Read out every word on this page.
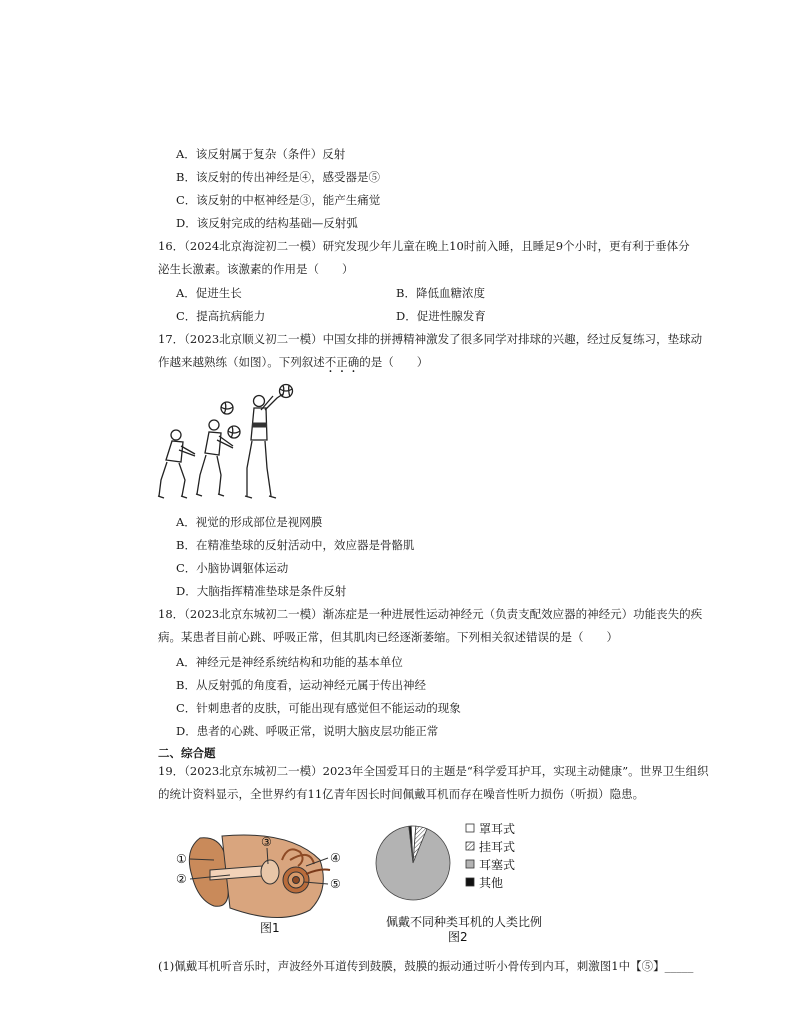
A．该反射属于复杂（条件）反射
B．该反射的传出神经是④，感受器是⑤
C．该反射的中枢神经是③，能产生痛觉
D．该反射完成的结构基础—反射弧
16．（2024北京海淀初二一模）研究发现少年儿童在晚上10时前入睡，且睡足9个小时，更有利于垂体分
泌生长激素。该激素的作用是（　　）
A．促进生长	B．降低血糖浓度
C．提高抗病能力	D．促进性腺发育
17．（2023北京顺义初二一模）中国女排的拼搏精神激发了很多同学对排球的兴趣，经过反复练习，垫球动
作越来越熟练（如图）。下列叙述不正确的是（　　）
A．视觉的形成部位是视网膜
B．在精准垫球的反射活动中，效应器是骨骼肌
C．小脑协调躯体运动
D．大脑指挥精准垫球是条件反射
18．（2023北京东城初二一模）渐冻症是一种进展性运动神经元（负责支配效应器的神经元）功能丧失的疾
病。某患者目前心跳、呼吸正常，但其肌肉已经逐渐萎缩。下列相关叙述错误的是（　　）
A．神经元是神经系统结构和功能的基本单位
B．从反射弧的角度看，运动神经元属于传出神经
C．针刺患者的皮肤，可能出现有感觉但不能运动的现象
D．患者的心跳、呼吸正常，说明大脑皮层功能正常
二、综合题
19．（2023北京东城初二一模）2023年全国爱耳日的主题是“科学爱耳护耳，实现主动健康”。世界卫生组织
的统计资料显示，全世界约有11亿青年因长时间佩戴耳机而存在噪音性听力损伤（听损）隐患。
①
②
③
④
⑤
图1
罩耳式
挂耳式
耳塞式
其他
佩戴不同种类耳机的人类比例
图2
(1)佩戴耳机听音乐时，声波经外耳道传到鼓膜，鼓膜的振动通过听小骨传到内耳，刺激图1中【⑤】_____
